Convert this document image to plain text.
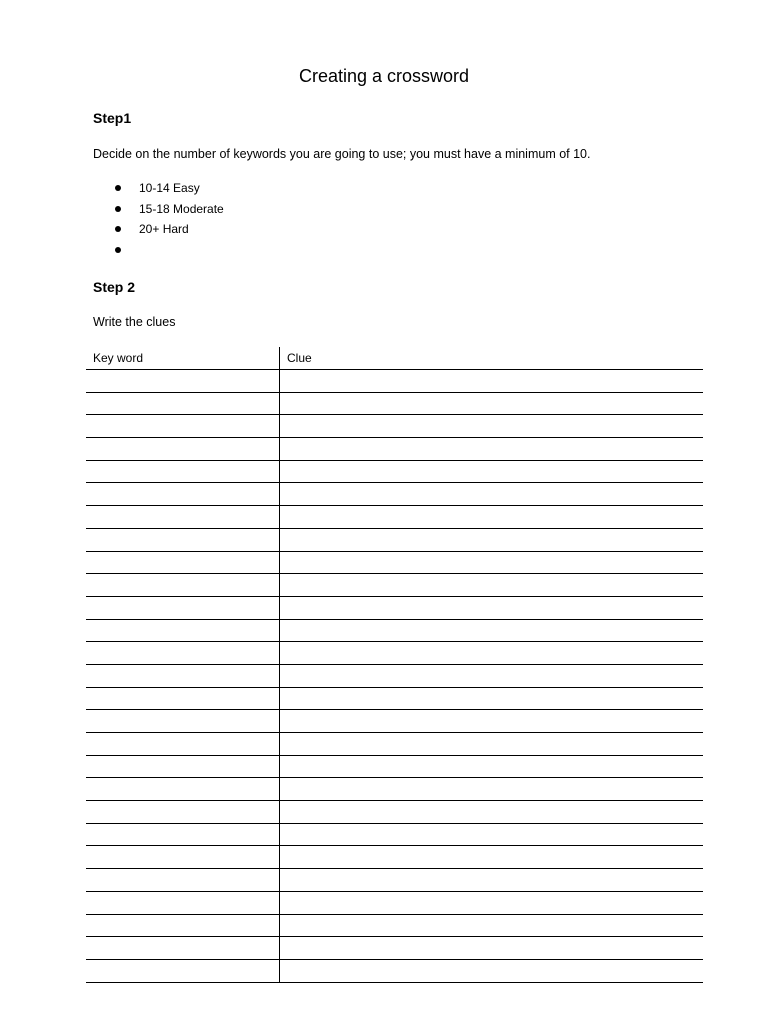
Creating a crossword
Step1
Decide on the number of keywords you are going to use; you must have a minimum of 10.
10-14 Easy
15-18 Moderate
20+ Hard
Step 2
Write the clues
Key word	Clue
